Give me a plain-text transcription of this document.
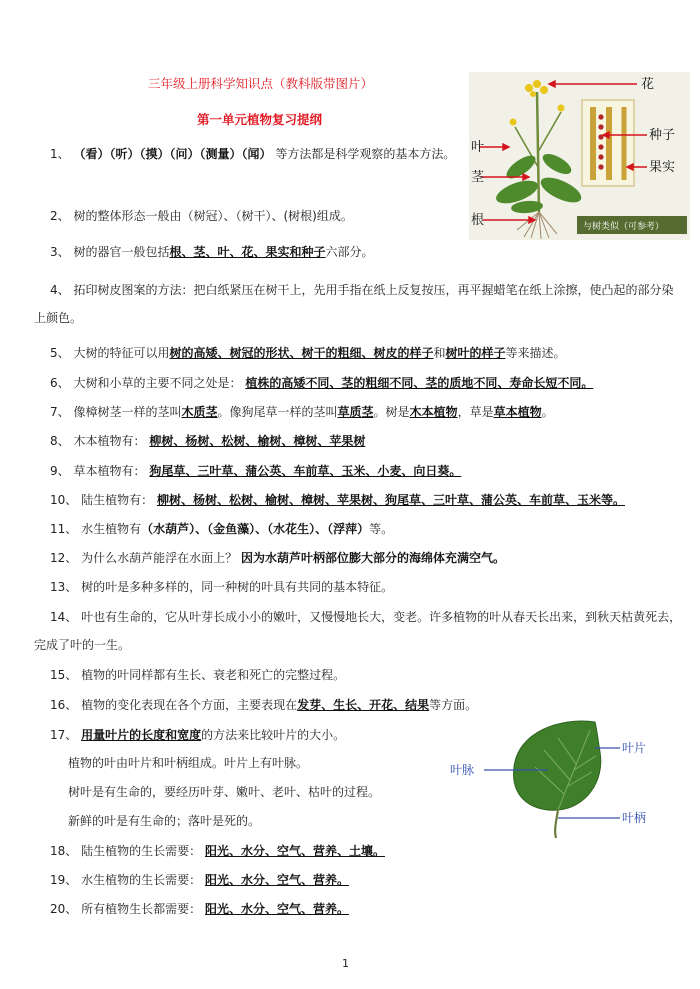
三年级上册科学知识点（教科版带图片）
第一单元植物复习提纲
1、 （看）（听）（摸）（问）（测量）（闻） 等方法都是科学观察的基本方法。
2、 树的整体形态一般由（树冠）、（树干）、(树根)组成。
3、 树的器官一般包括根、茎、叶、花、果实和种子六部分。
4、 拓印树皮图案的方法：把白纸紧压在树干上，先用手指在纸上反复按压，再平握蜡笔在纸上涂擦，使凸起的部分染
上颜色。
5、 大树的特征可以用树的高矮、树冠的形状、树干的粗细、树皮的样子和树叶的样子等来描述。
6、 大树和小草的主要不同之处是： 植株的高矮不同、茎的粗细不同、茎的质地不同、寿命长短不同。
7、 像樟树茎一样的茎叫木质茎。像狗尾草一样的茎叫草质茎。树是木本植物，草是草本植物。
8、 木本植物有： 柳树、杨树、松树、榆树、樟树、苹果树
9、 草本植物有： 狗尾草、三叶草、蒲公英、车前草、玉米、小麦、向日葵。
10、 陆生植物有： 柳树、杨树、松树、榆树、樟树、苹果树、狗尾草、三叶草、蒲公英、车前草、玉米等。
11、 水生植物有（水葫芦）、（金鱼藻）、（水花生）、（浮萍）等。
12、 为什么水葫芦能浮在水面上？ 因为水葫芦叶柄部位膨大部分的海绵体充满空气。
13、 树的叶是多种多样的，同一种树的叶具有共同的基本特征。
14、 叶也有生命的，它从叶芽长成小小的嫩叶，又慢慢地长大，变老。许多植物的叶从春天长出来，到秋天枯黄死去，
完成了叶的一生。
15、 植物的叶同样都有生长、衰老和死亡的完整过程。
16、 植物的变化表现在各个方面，主要表现在发芽、生长、开花、结果等方面。
17、 用量叶片的长度和宽度的方法来比较叶片的大小。
植物的叶由叶片和叶柄组成。叶片上有叶脉。
树叶是有生命的，要经历叶芽、嫩叶、老叶、枯叶的过程。
新鲜的叶是有生命的；落叶是死的。
18、 陆生植物的生长需要： 阳光、水分、空气、营养、土壤。
19、 水生植物的生长需要： 阳光、水分、空气、营养。
20、 所有植物生长都需要： 阳光、水分、空气、营养。
花
叶
茎
根
种子
果实
与树类似（可参考）
叶片
叶脉
叶柄
1
